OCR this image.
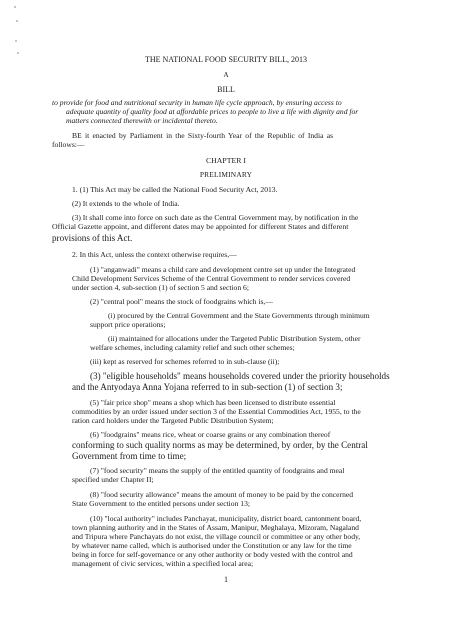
THE NATIONAL FOOD SECURITY BILL, 2013
A
BILL
to provide for food and nutritional security in human life cycle approach, by ensuring access to
adequate quantity of quality food at affordable prices to people to live a life with dignity and for
matters connected therewith or incidental thereto.
BE it enacted by Parliament in the Sixty-fourth Year of the Republic of India as
follows:—
CHAPTER I
PRELIMINARY
1. (1) This Act may be called the National Food Security Act, 2013.
(2) It extends to the whole of India.
(3) It shall come into force on such date as the Central Government may, by notification in the
Official Gazette appoint, and different dates may be appointed for different States and different
provisions of this Act.
2. In this Act, unless the context otherwise requires,—
(1) "anganwadi" means a child care and development centre set up under the Integrated
Child Development Services Scheme of the Central Government to render services covered
under section 4, sub-section (1) of section 5 and section 6;
(2) "central pool" means the stock of foodgrains which is,—
(i) procured by the Central Government and the State Governments through minimum
support price operations;
(ii) maintained for allocations under the Targeted Public Distribution System, other
welfare schemes, including calamity relief and such other schemes;
(iii) kept as reserved for schemes referred to in sub-clause (ii);
(3) "eligible households" means households covered under the priority households
and the Antyodaya Anna Yojana referred to in sub-section (1) of section 3;
(5) "fair price shop" means a shop which has been licensed to distribute essential
commodities by an order issued under section 3 of the Essential Commodities Act, 1955, to the
ration card holders under the Targeted Public Distribution System;
(6) "foodgrains" means rice, wheat or coarse grains or any combination thereof
conforming to such quality norms as may be determined, by order, by the Central
Government from time to time;
(7) "food security" means the supply of the entitled quantity of foodgrains and meal
specified under Chapter II;
(8) "food security allowance" means the amount of money to be paid by the concerned
State Government to the entitled persons under section 13;
(10) "local authority" includes Panchayat, municipality, district board, cantonment board,
town planning authority and in the States of Assam, Manipur, Meghalaya, Mizoram, Nagaland
and Tripura where Panchayats do not exist, the village council or committee or any other body,
by whatever name called, which is authorised under the Constitution or any law for the time
being in force for self-governance or any other authority or body vested with the control and
management of civic services, within a specified local area;
1
